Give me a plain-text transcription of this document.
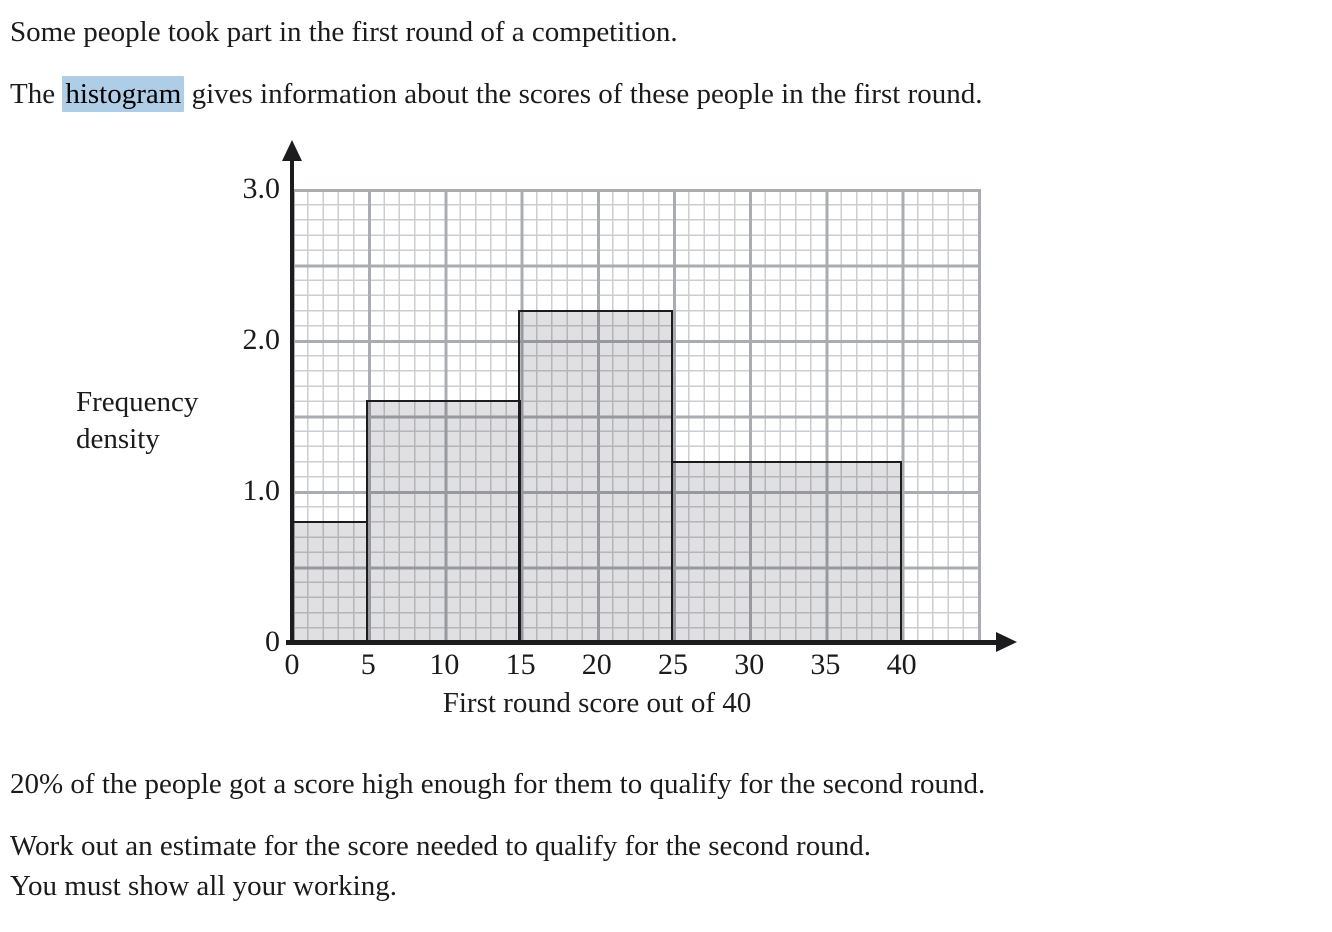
Some people took part in the first round of a competition.

The histogram gives information about the scores of these people in the first round.

Frequency
density
3.0
2.0
1.0
0
0 5 10 15 20 25 30 35 40
First round score out of 40

20% of the people got a score high enough for them to qualify for the second round.

Work out an estimate for the score needed to qualify for the second round.
You must show all your working.
